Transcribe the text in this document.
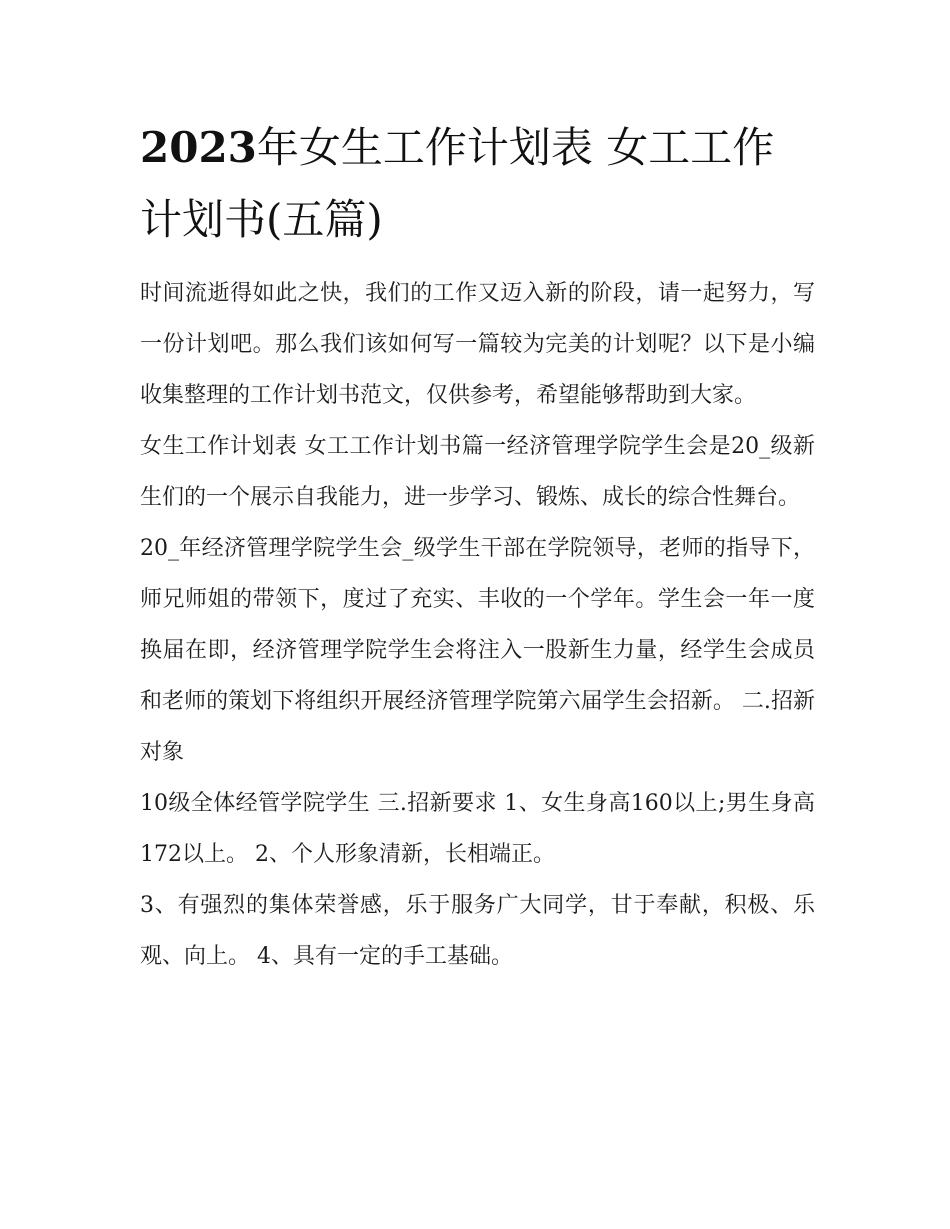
2023年女生工作计划表 女工工作计划书(五篇)

时间流逝得如此之快，我们的工作又迈入新的阶段，请一起努力，写一份计划吧。那么我们该如何写一篇较为完美的计划呢？以下是小编收集整理的工作计划书范文，仅供参考，希望能够帮助到大家。

女生工作计划表 女工工作计划书篇一经济管理学院学生会是20_级新生们的一个展示自我能力，进一步学习、锻炼、成长的综合性舞台。

20_年经济管理学院学生会_级学生干部在学院领导，老师的指导下，师兄师姐的带领下，度过了充实、丰收的一个学年。学生会一年一度换届在即，经济管理学院学生会将注入一股新生力量，经学生会成员和老师的策划下将组织开展经济管理学院第六届学生会招新。 二.招新对象

10级全体经管学院学生 三.招新要求 1、女生身高160以上;男生身高172以上。 2、个人形象清新，长相端正。

3、有强烈的集体荣誉感，乐于服务广大同学，甘于奉献，积极、乐观、向上。 4、具有一定的手工基础。
